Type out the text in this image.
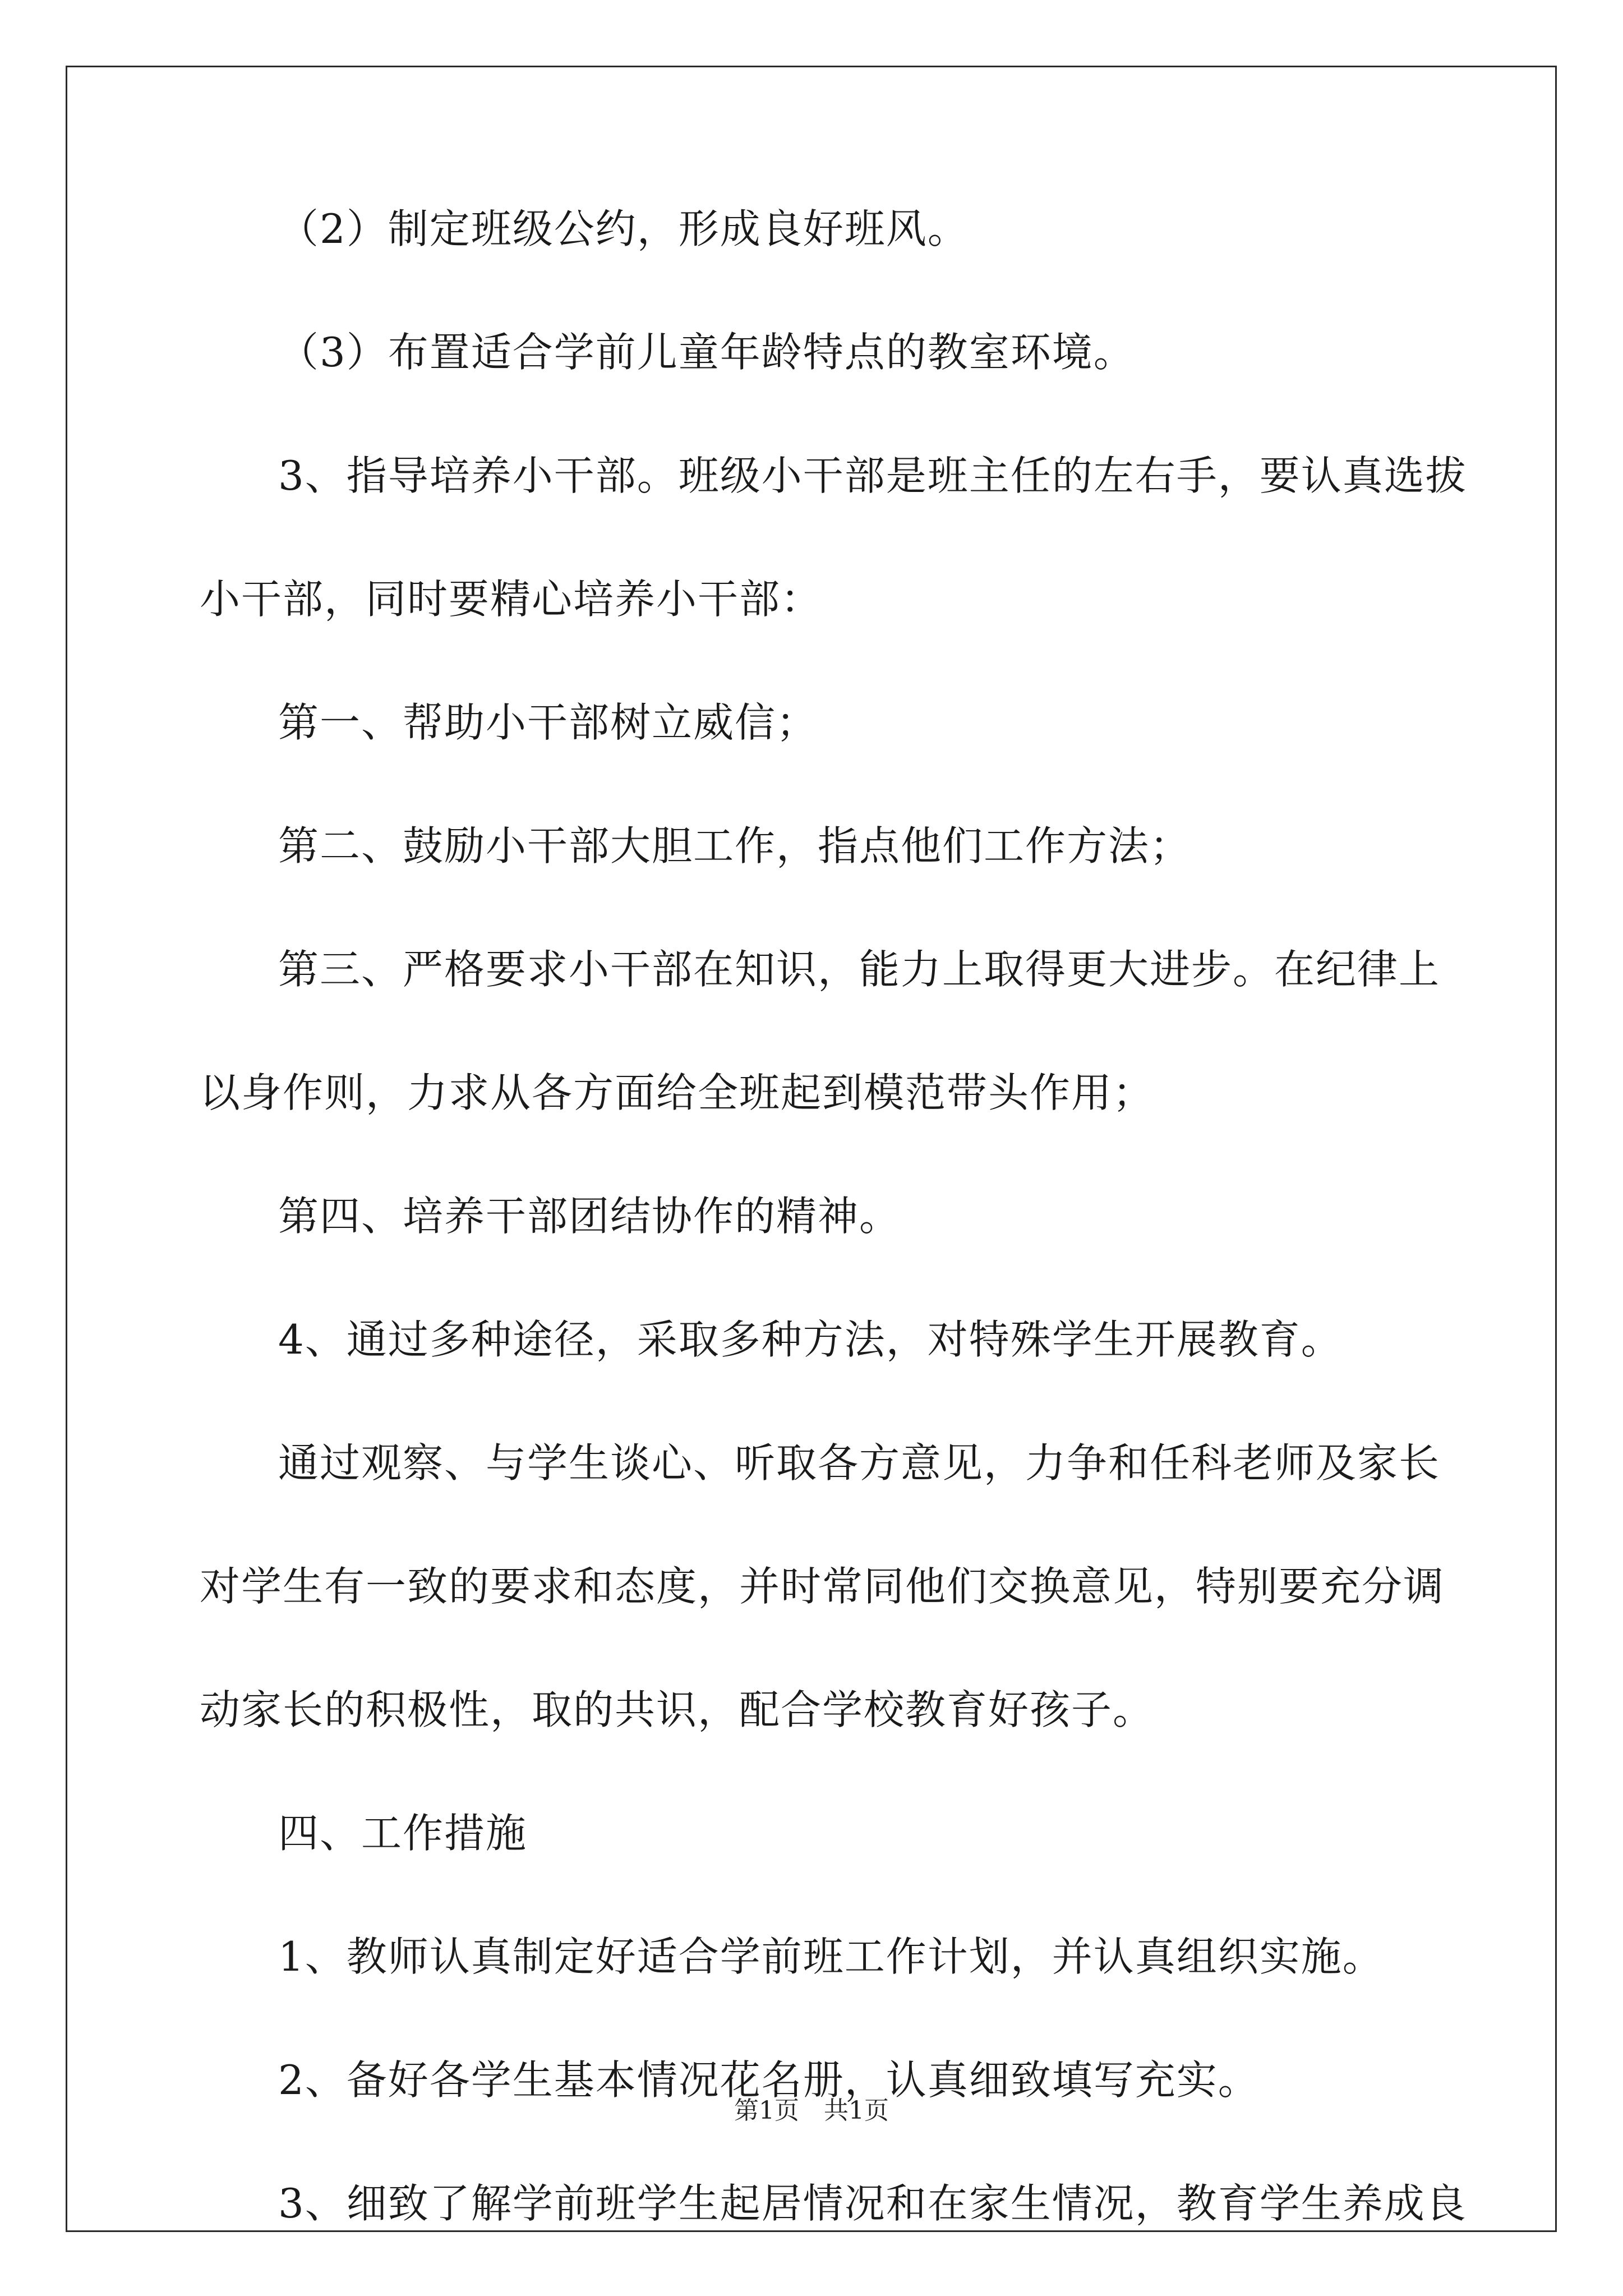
（2）制定班级公约，形成良好班风。
（3）布置适合学前儿童年龄特点的教室环境。
3、指导培养小干部。班级小干部是班主任的左右手，要认真选拔
小干部，同时要精心培养小干部：
第一、帮助小干部树立威信；
第二、鼓励小干部大胆工作，指点他们工作方法；
第三、严格要求小干部在知识，能力上取得更大进步。在纪律上
以身作则，力求从各方面给全班起到模范带头作用；
第四、培养干部团结协作的精神。
4、通过多种途径，采取多种方法，对特殊学生开展教育。
通过观察、与学生谈心、听取各方意见，力争和任科老师及家长
对学生有一致的要求和态度，并时常同他们交换意见，特别要充分调
动家长的积极性，取的共识，配合学校教育好孩子。
四、工作措施
1、教师认真制定好适合学前班工作计划，并认真组织实施。
2、备好各学生基本情况花名册，认真细致填写充实。
3、细致了解学前班学生起居情况和在家生情况，教育学生养成良
第1页　共1页
